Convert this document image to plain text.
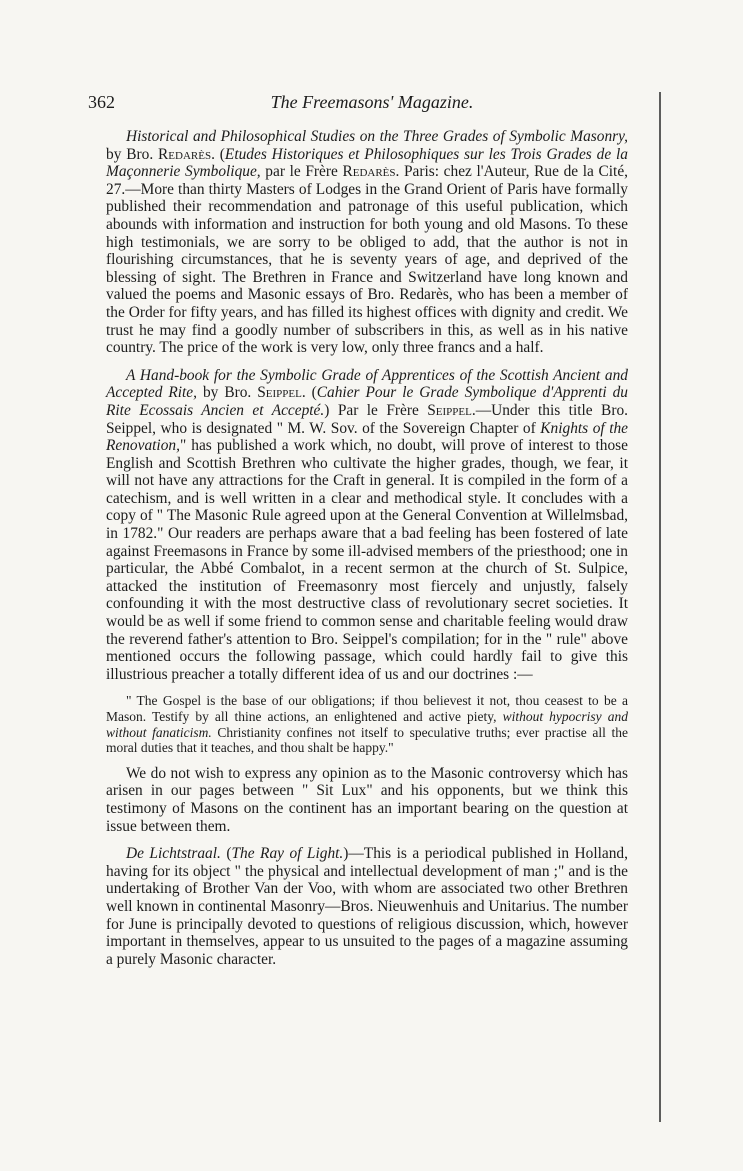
362	The Freemasons' Magazine.

Historical and Philosophical Studies on the Three Grades of Symbolic Masonry, by Bro. Redarès. (Etudes Historiques et Philosophiques sur les Trois Grades de la Maçonnerie Symbolique, par le Frère Redarès. Paris: chez l'Auteur, Rue de la Cité, 27.—More than thirty Masters of Lodges in the Grand Orient of Paris have formally published their recommendation and patronage of this useful publication, which abounds with information and instruction for both young and old Masons. To these high testimonials, we are sorry to be obliged to add, that the author is not in flourishing circumstances, that he is seventy years of age, and deprived of the blessing of sight. The Brethren in France and Switzerland have long known and valued the poems and Masonic essays of Bro. Redarès, who has been a member of the Order for fifty years, and has filled its highest offices with dignity and credit. We trust he may find a goodly number of subscribers in this, as well as in his native country. The price of the work is very low, only three francs and a half.

A Hand-book for the Symbolic Grade of Apprentices of the Scottish Ancient and Accepted Rite, by Bro. Seippel. (Cahier Pour le Grade Symbolique d'Apprenti du Rite Ecossais Ancien et Accepté.) Par le Frère Seippel.—Under this title Bro. Seippel, who is designated " M. W. Sov. of the Sovereign Chapter of Knights of the Renovation," has published a work which, no doubt, will prove of interest to those English and Scottish Brethren who cultivate the higher grades, though, we fear, it will not have any attractions for the Craft in general. It is compiled in the form of a catechism, and is well written in a clear and methodical style. It concludes with a copy of " The Masonic Rule agreed upon at the General Convention at Willelmsbad, in 1782." Our readers are perhaps aware that a bad feeling has been fostered of late against Freemasons in France by some ill-advised members of the priesthood; one in particular, the Abbé Combalot, in a recent sermon at the church of St. Sulpice, attacked the institution of Freemasonry most fiercely and unjustly, falsely confounding it with the most destructive class of revolutionary secret societies. It would be as well if some friend to common sense and charitable feeling would draw the reverend father's attention to Bro. Seippel's compilation; for in the " rule" above mentioned occurs the following passage, which could hardly fail to give this illustrious preacher a totally different idea of us and our doctrines :—

" The Gospel is the base of our obligations; if thou believest it not, thou ceasest to be a Mason. Testify by all thine actions, an enlightened and active piety, without hypocrisy and without fanaticism. Christianity confines not itself to speculative truths; ever practise all the moral duties that it teaches, and thou shalt be happy."

We do not wish to express any opinion as to the Masonic controversy which has arisen in our pages between " Sit Lux" and his opponents, but we think this testimony of Masons on the continent has an important bearing on the question at issue between them.

De Lichtstraal. (The Ray of Light.)—This is a periodical published in Holland, having for its object " the physical and intellectual development of man ;" and is the undertaking of Brother Van der Voo, with whom are associated two other Brethren well known in continental Masonry—Bros. Nieuwenhuis and Unitarius. The number for June is principally devoted to questions of religious discussion, which, however important in themselves, appear to us unsuited to the pages of a magazine assuming a purely Masonic character.
